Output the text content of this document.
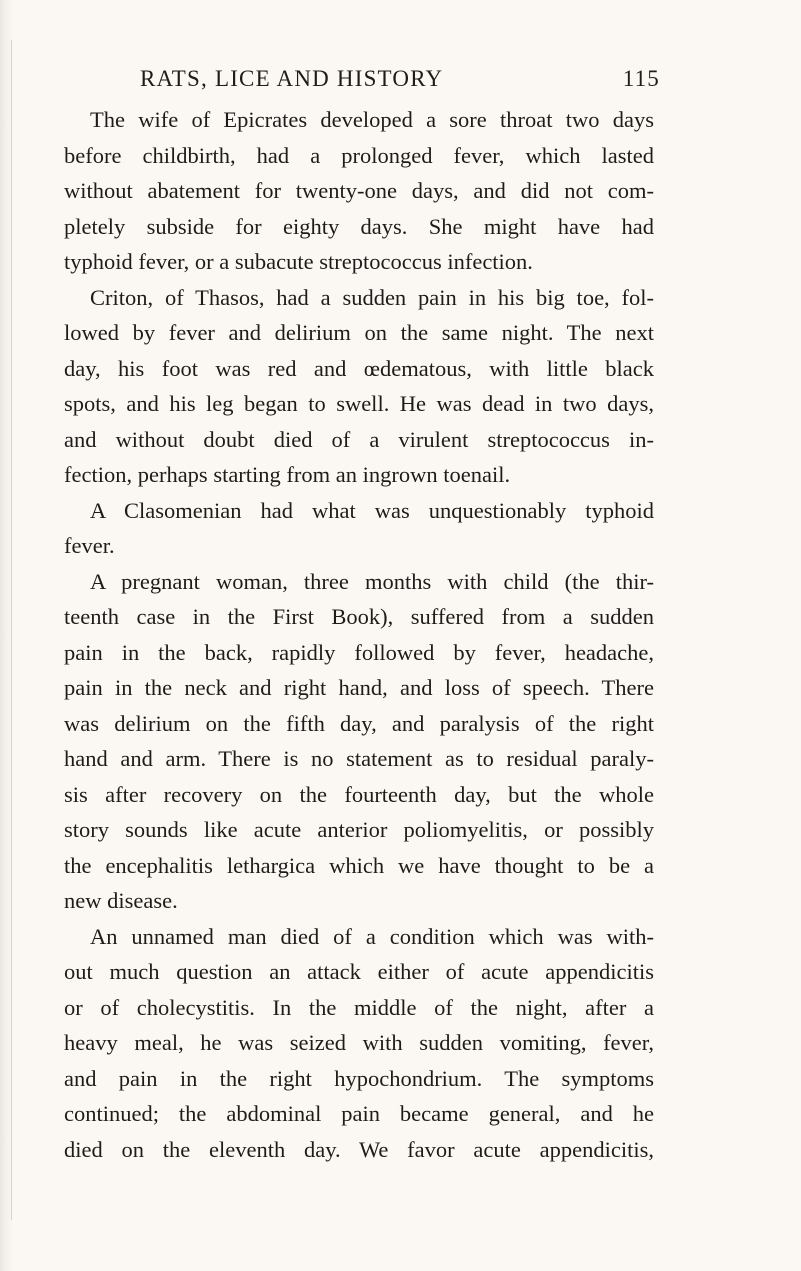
RATS, LICE AND HISTORY	115
The wife of Epicrates developed a sore throat two days
before childbirth, had a prolonged fever, which lasted
without abatement for twenty-one days, and did not com-
pletely subside for eighty days. She might have had
typhoid fever, or a subacute streptococcus infection.
Criton, of Thasos, had a sudden pain in his big toe, fol-
lowed by fever and delirium on the same night. The next
day, his foot was red and œdematous, with little black
spots, and his leg began to swell. He was dead in two days,
and without doubt died of a virulent streptococcus in-
fection, perhaps starting from an ingrown toenail.
A Clasomenian had what was unquestionably typhoid
fever.
A pregnant woman, three months with child (the thir-
teenth case in the First Book), suffered from a sudden
pain in the back, rapidly followed by fever, headache,
pain in the neck and right hand, and loss of speech. There
was delirium on the fifth day, and paralysis of the right
hand and arm. There is no statement as to residual paraly-
sis after recovery on the fourteenth day, but the whole
story sounds like acute anterior poliomyelitis, or possibly
the encephalitis lethargica which we have thought to be a
new disease.
An unnamed man died of a condition which was with-
out much question an attack either of acute appendicitis
or of cholecystitis. In the middle of the night, after a
heavy meal, he was seized with sudden vomiting, fever,
and pain in the right hypochondrium. The symptoms
continued; the abdominal pain became general, and he
died on the eleventh day. We favor acute appendicitis,
